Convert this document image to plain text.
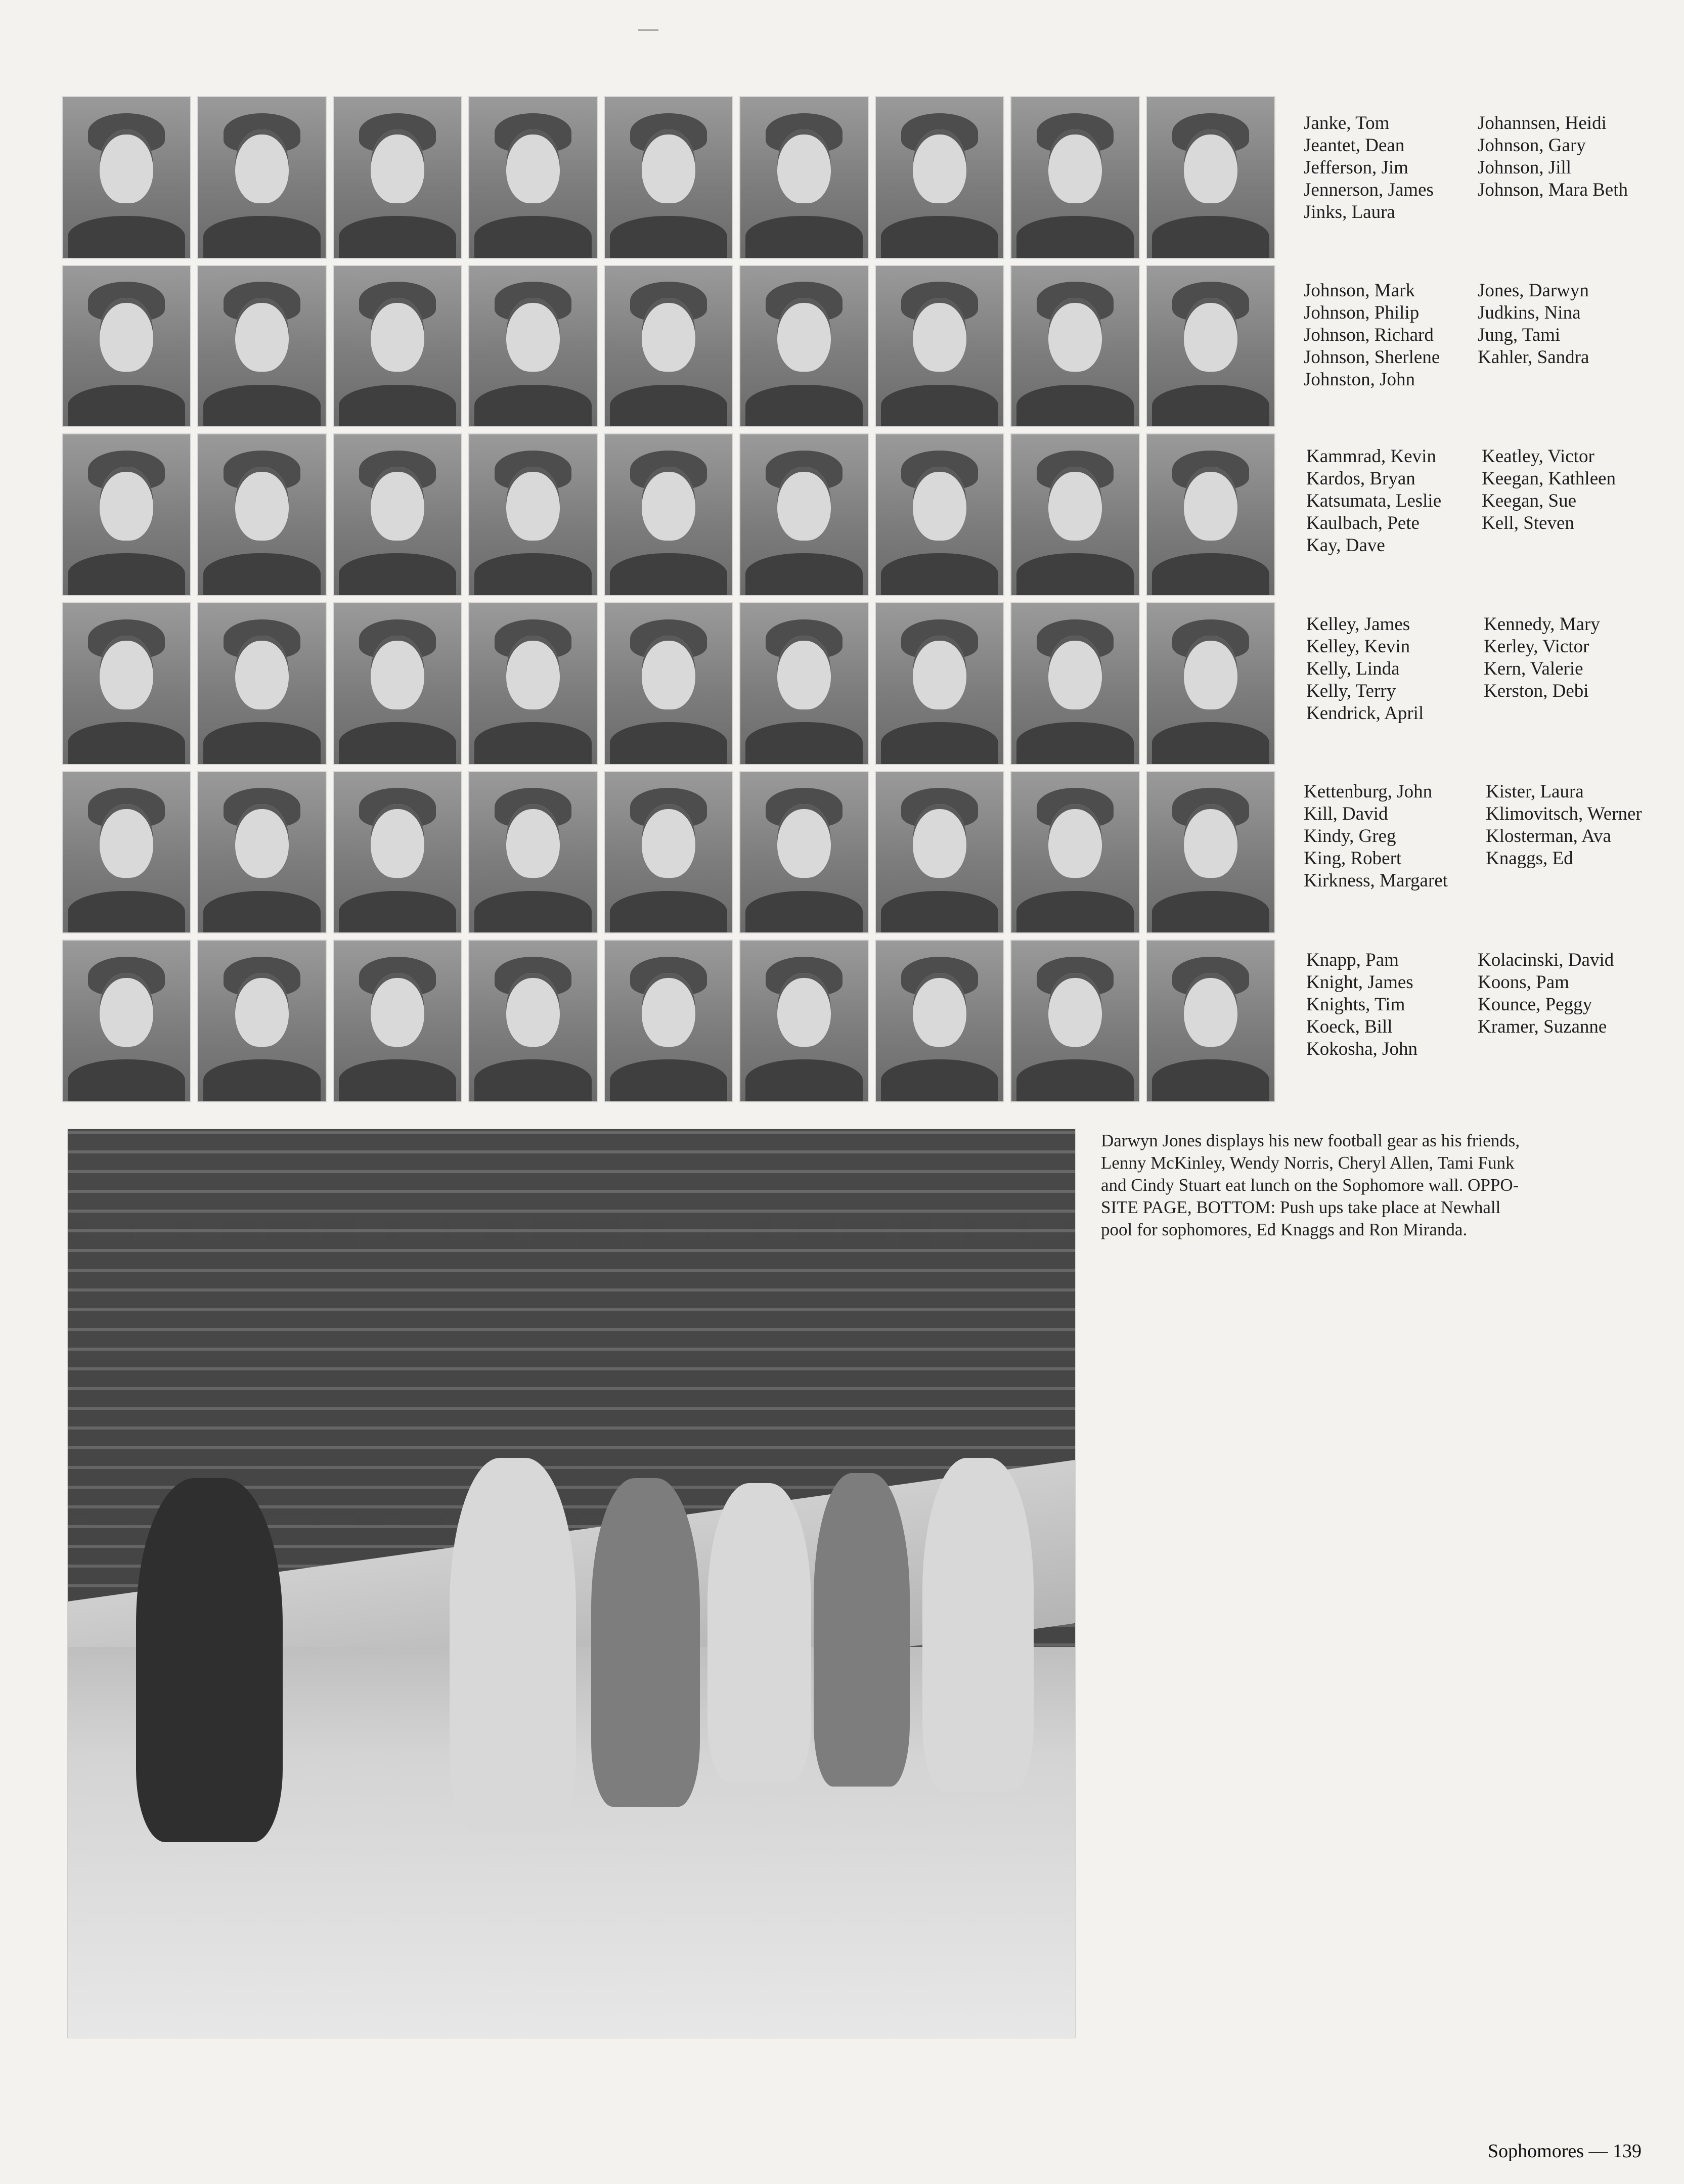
Janke, Tom
Jeantet, Dean
Jefferson, Jim
Jennerson, James
Jinks, Laura
Johannsen, Heidi
Johnson, Gary
Johnson, Jill
Johnson, Mara Beth
Johnson, Mark
Johnson, Philip
Johnson, Richard
Johnson, Sherlene
Johnston, John
Jones, Darwyn
Judkins, Nina
Jung, Tami
Kahler, Sandra
Kammrad, Kevin
Kardos, Bryan
Katsumata, Leslie
Kaulbach, Pete
Kay, Dave
Keatley, Victor
Keegan, Kathleen
Keegan, Sue
Kell, Steven
Kelley, James
Kelley, Kevin
Kelly, Linda
Kelly, Terry
Kendrick, April
Kennedy, Mary
Kerley, Victor
Kern, Valerie
Kerston, Debi
Kettenburg, John
Kill, David
Kindy, Greg
King, Robert
Kirkness, Margaret
Kister, Laura
Klimovitsch, Werner
Klosterman, Ava
Knaggs, Ed
Knapp, Pam
Knight, James
Knights, Tim
Koeck, Bill
Kokosha, John
Kolacinski, David
Koons, Pam
Kounce, Peggy
Kramer, Suzanne
Darwyn Jones displays his new football gear as his friends,
Lenny McKinley, Wendy Norris, Cheryl Allen, Tami Funk
and Cindy Stuart eat lunch on the Sophomore wall. OPPO-
SITE PAGE, BOTTOM: Push ups take place at Newhall
pool for sophomores, Ed Knaggs and Ron Miranda.
Sophomores — 139
